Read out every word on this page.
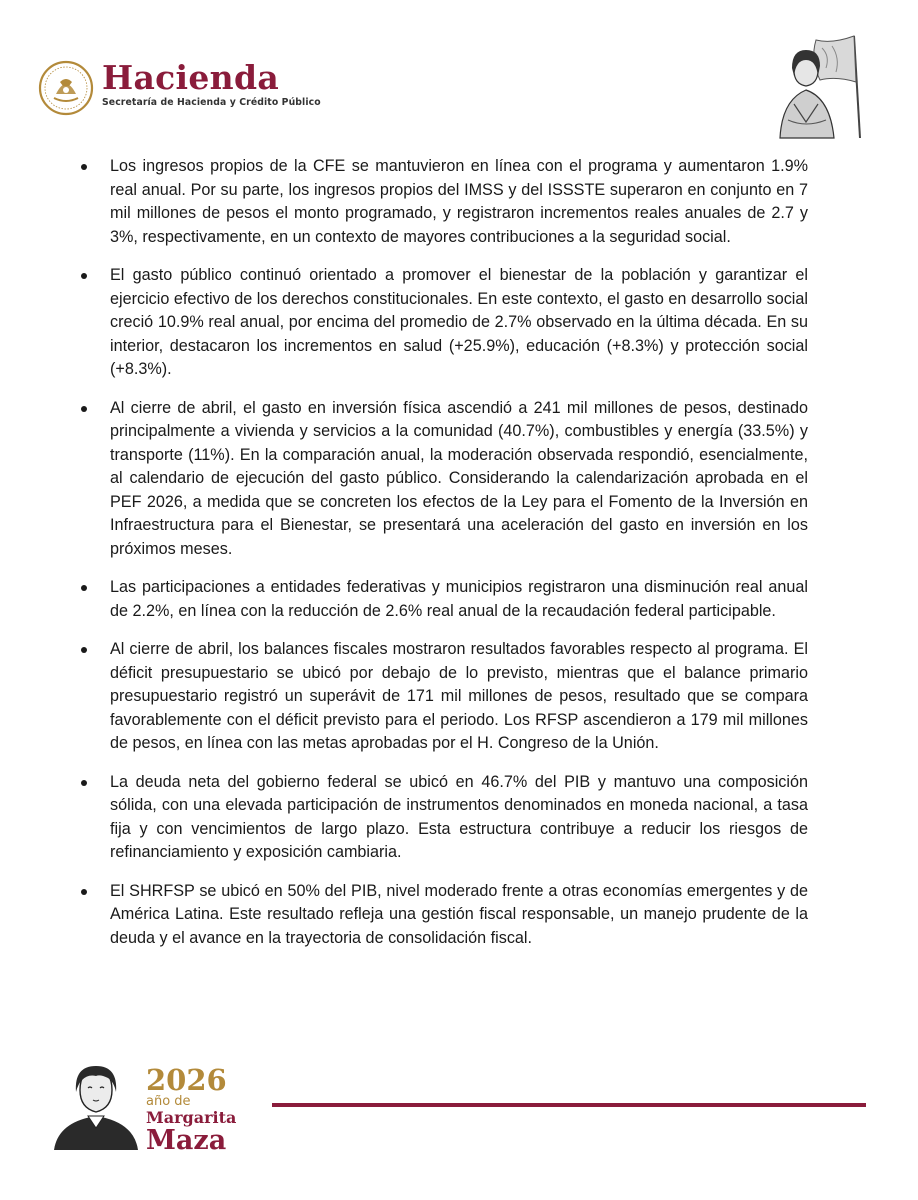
Hacienda
Secretaría de Hacienda y Crédito Público

Los ingresos propios de la CFE se mantuvieron en línea con el programa y aumentaron 1.9% real anual. Por su parte, los ingresos propios del IMSS y del ISSSTE superaron en conjunto en 7 mil millones de pesos el monto programado, y registraron incrementos reales anuales de 2.7 y 3%, respectivamente, en un contexto de mayores contribuciones a la seguridad social.

El gasto público continuó orientado a promover el bienestar de la población y garantizar el ejercicio efectivo de los derechos constitucionales. En este contexto, el gasto en desarrollo social creció 10.9% real anual, por encima del promedio de 2.7% observado en la última década. En su interior, destacaron los incrementos en salud (+25.9%), educación (+8.3%) y protección social (+8.3%).

Al cierre de abril, el gasto en inversión física ascendió a 241 mil millones de pesos, destinado principalmente a vivienda y servicios a la comunidad (40.7%), combustibles y energía (33.5%) y transporte (11%). En la comparación anual, la moderación observada respondió, esencialmente, al calendario de ejecución del gasto público. Considerando la calendarización aprobada en el PEF 2026, a medida que se concreten los efectos de la Ley para el Fomento de la Inversión en Infraestructura para el Bienestar, se presentará una aceleración del gasto en inversión en los próximos meses.

Las participaciones a entidades federativas y municipios registraron una disminución real anual de 2.2%, en línea con la reducción de 2.6% real anual de la recaudación federal participable.

Al cierre de abril, los balances fiscales mostraron resultados favorables respecto al programa. El déficit presupuestario se ubicó por debajo de lo previsto, mientras que el balance primario presupuestario registró un superávit de 171 mil millones de pesos, resultado que se compara favorablemente con el déficit previsto para el periodo. Los RFSP ascendieron a 179 mil millones de pesos, en línea con las metas aprobadas por el H. Congreso de la Unión.

La deuda neta del gobierno federal se ubicó en 46.7% del PIB y mantuvo una composición sólida, con una elevada participación de instrumentos denominados en moneda nacional, a tasa fija y con vencimientos de largo plazo. Esta estructura contribuye a reducir los riesgos de refinanciamiento y exposición cambiaria.

El SHRFSP se ubicó en 50% del PIB, nivel moderado frente a otras economías emergentes y de América Latina. Este resultado refleja una gestión fiscal responsable, un manejo prudente de la deuda y el avance en la trayectoria de consolidación fiscal.

2026
año de
Margarita
Maza
